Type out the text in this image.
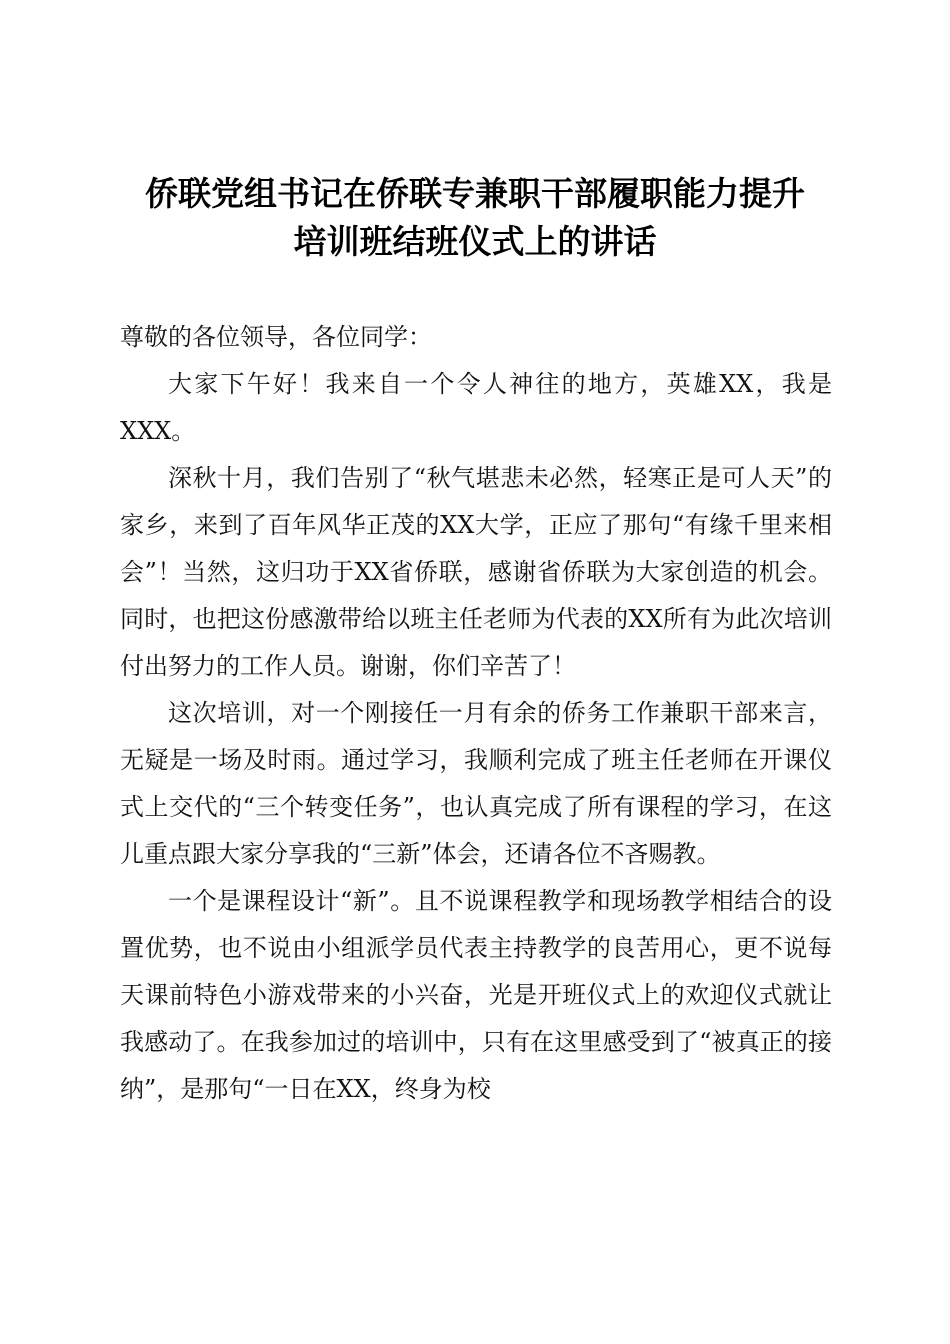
侨联党组书记在侨联专兼职干部履职能力提升
培训班结班仪式上的讲话

尊敬的各位领导，各位同学：

大家下午好！我来自一个令人神往的地方，英雄XX，我是XXX。

深秋十月，我们告别了“秋气堪悲未必然，轻寒正是可人天”的家乡，来到了百年风华正茂的XX大学，正应了那句“有缘千里来相会”！当然，这归功于XX省侨联，感谢省侨联为大家创造的机会。同时，也把这份感激带给以班主任老师为代表的XX所有为此次培训付出努力的工作人员。谢谢，你们辛苦了！

这次培训，对一个刚接任一月有余的侨务工作兼职干部来言，无疑是一场及时雨。通过学习，我顺利完成了班主任老师在开课仪式上交代的“三个转变任务”，也认真完成了所有课程的学习，在这儿重点跟大家分享我的“三新”体会，还请各位不吝赐教。

一个是课程设计“新”。且不说课程教学和现场教学相结合的设置优势，也不说由小组派学员代表主持教学的良苦用心，更不说每天课前特色小游戏带来的小兴奋，光是开班仪式上的欢迎仪式就让我感动了。在我参加过的培训中，只有在这里感受到了“被真正的接纳”，是那句“一日在XX，终身为校
